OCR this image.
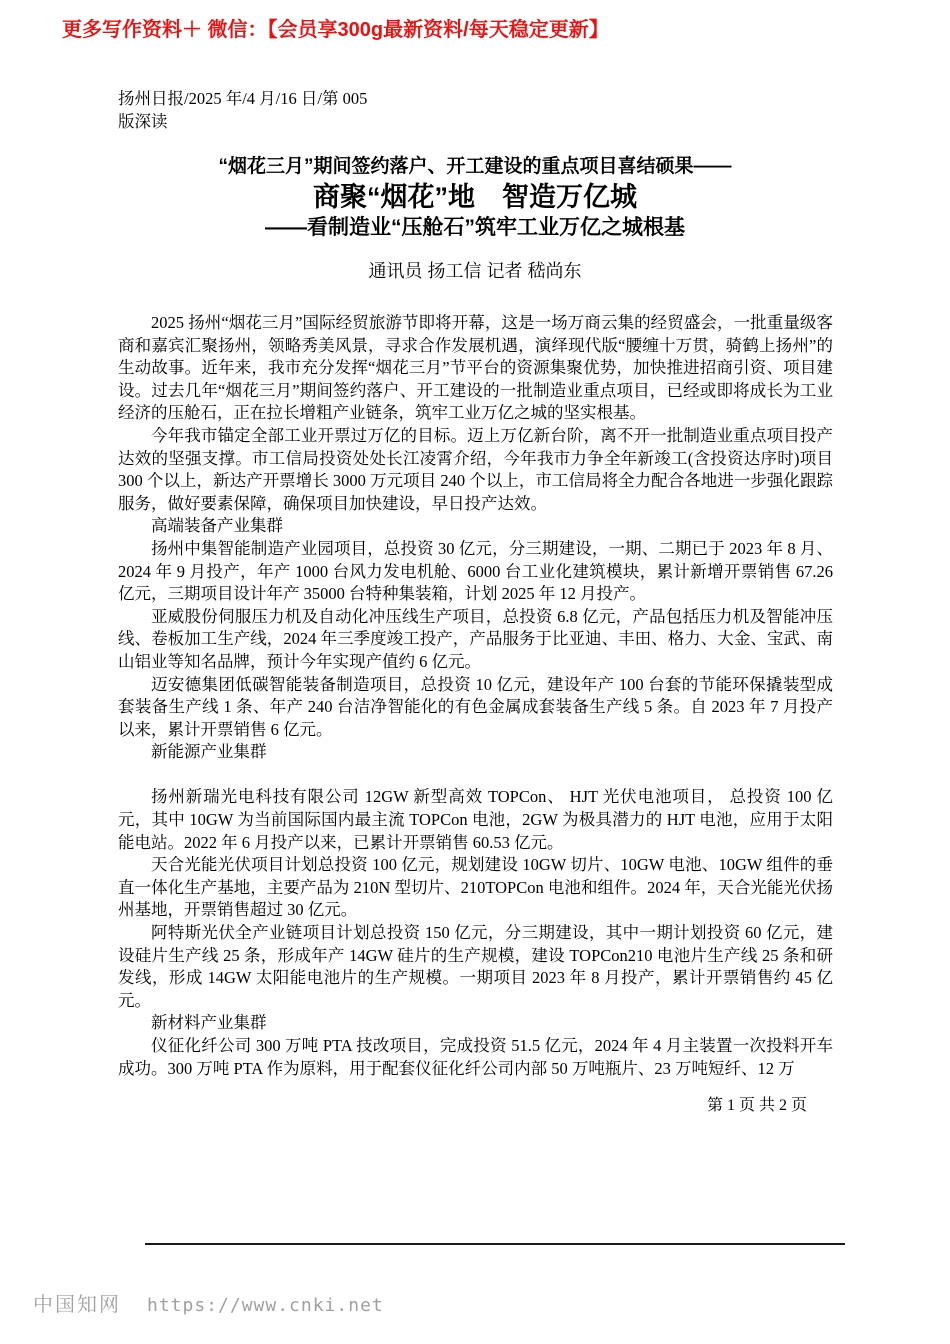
更多写作资料＋ 微信：【会员享300g最新资料/每天稳定更新】
扬州日报/2025 年/4 月/16 日/第 005
版深读

“烟花三月”期间签约落户、开工建设的重点项目喜结硕果——

商聚“烟花”地　智造万亿城

——看制造业“压舱石”筑牢工业万亿之城根基

通讯员 扬工信 记者 嵇尚东

2025 扬州“烟花三月”国际经贸旅游节即将开幕，这是一场万商云集的经贸盛会，一批重量级客商和嘉宾汇聚扬州，领略秀美风景，寻求合作发展机遇，演绎现代版“腰缠十万贯，骑鹤上扬州”的生动故事。近年来，我市充分发挥“烟花三月”节平台的资源集聚优势，加快推进招商引资、项目建设。过去几年“烟花三月”期间签约落户、开工建设的一批制造业重点项目，已经或即将成长为工业经济的压舱石，正在拉长增粗产业链条，筑牢工业万亿之城的坚实根基。

今年我市锚定全部工业开票过万亿的目标。迈上万亿新台阶，离不开一批制造业重点项目投产达效的坚强支撑。市工信局投资处处长江凌霄介绍，今年我市力争全年新竣工(含投资达序时)项目 300 个以上，新达产开票增长 3000 万元项目 240 个以上，市工信局将全力配合各地进一步强化跟踪服务，做好要素保障，确保项目加快建设，早日投产达效。

高端装备产业集群

扬州中集智能制造产业园项目，总投资 30 亿元，分三期建设，一期、二期已于 2023 年 8 月、2024 年 9 月投产，年产 1000 台风力发电机舱、6000 台工业化建筑模块，累计新增开票销售 67.26 亿元，三期项目设计年产 35000 台特种集装箱，计划 2025 年 12 月投产。

亚威股份伺服压力机及自动化冲压线生产项目，总投资 6.8 亿元，产品包括压力机及智能冲压线、卷板加工生产线，2024 年三季度竣工投产，产品服务于比亚迪、丰田、格力、大金、宝武、南山铝业等知名品牌，预计今年实现产值约 6 亿元。

迈安德集团低碳智能装备制造项目，总投资 10 亿元，建设年产 100 台套的节能环保撬装型成套装备生产线 1 条、年产 240 台洁净智能化的有色金属成套装备生产线 5 条。自 2023 年 7 月投产以来，累计开票销售 6 亿元。

新能源产业集群

扬州新瑞光电科技有限公司 12GW 新型高效 TOPCon、 HJT 光伏电池项目， 总投资 100 亿元，其中 10GW 为当前国际国内最主流 TOPCon 电池，2GW 为极具潜力的 HJT 电池，应用于太阳能电站。2022 年 6 月投产以来，已累计开票销售 60.53 亿元。

天合光能光伏项目计划总投资 100 亿元，规划建设 10GW 切片、10GW 电池、10GW 组件的垂直一体化生产基地，主要产品为 210N 型切片、210TOPCon 电池和组件。2024 年，天合光能光伏扬州基地，开票销售超过 30 亿元。

阿特斯光伏全产业链项目计划总投资 150 亿元，分三期建设，其中一期计划投资 60 亿元，建设硅片生产线 25 条，形成年产 14GW 硅片的生产规模，建设 TOPCon210 电池片生产线 25 条和研发线，形成 14GW 太阳能电池片的生产规模。一期项目 2023 年 8 月投产，累计开票销售约 45 亿元。

新材料产业集群

仪征化纤公司 300 万吨 PTA 技改项目，完成投资 51.5 亿元，2024 年 4 月主装置一次投料开车成功。300 万吨 PTA 作为原料，用于配套仪征化纤公司内部 50 万吨瓶片、23 万吨短纤、12 万

第 1 页 共 2 页
中国知网 https://www.cnki.net
